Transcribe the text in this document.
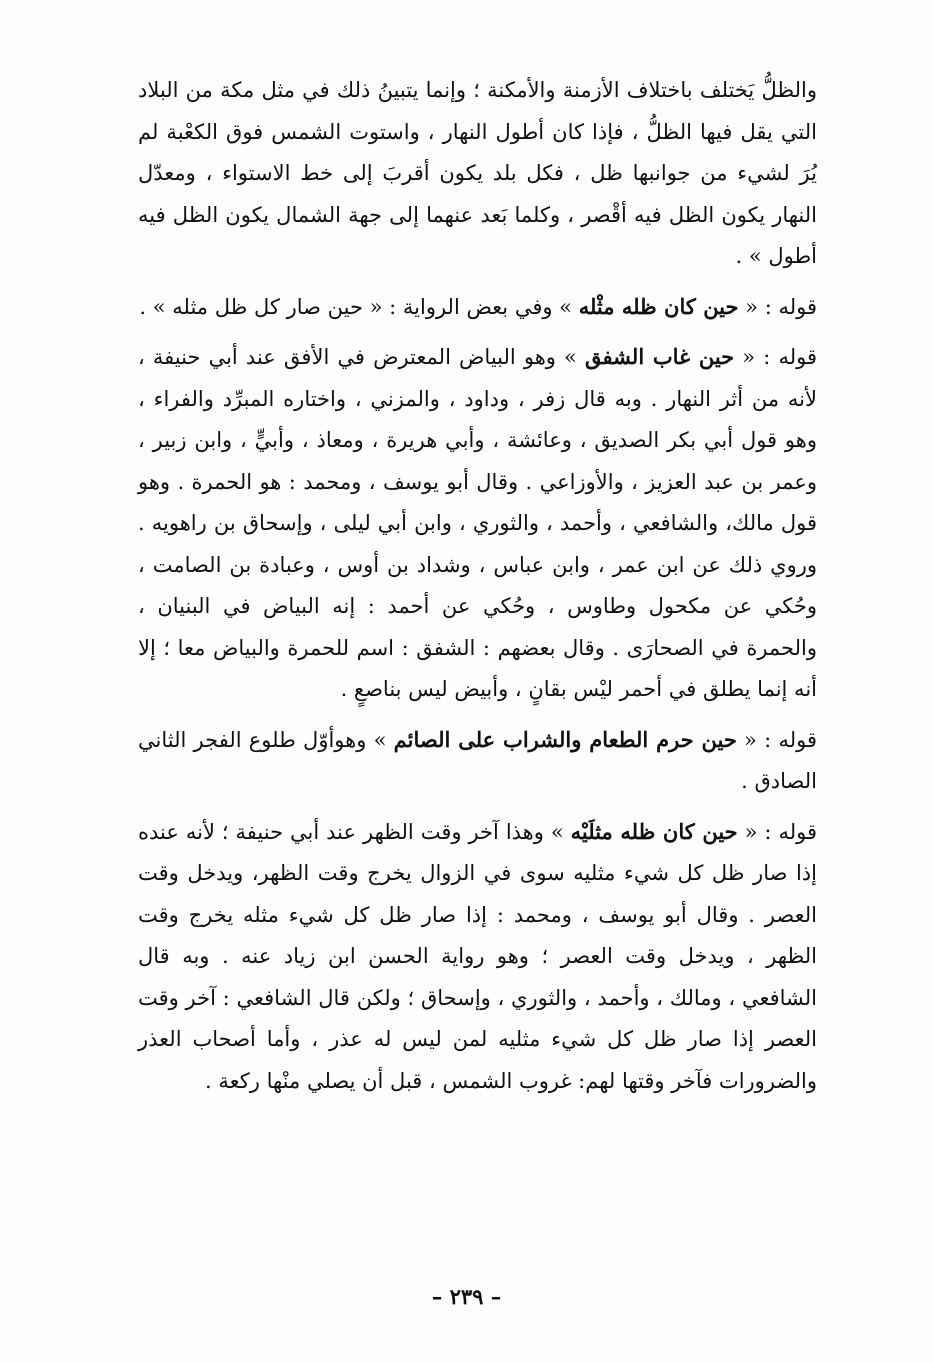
والظلُّ يَختلف باختلاف الأزمنة والأمكنة ؛ وإنما يتبينُ ذلك في مثل مكة من البلاد التي يقل فيها الظلُّ ، فإذا كان أطول النهار ، واستوت الشمس فوق الكعْبة لم يُرَ لشيء من جوانبها ظل ، فكل بلد يكون أقربَ إلى خط الاستواء ، ومعدّل النهار يكون الظل فيه أقْصر ، وكلما بَعد عنهما إلى جهة الشمال يكون الظل فيه أطول » .

قوله : « حين كان ظله مثْله » وفي بعض الرواية : « حين صار كل ظل مثله » .

قوله : « حين غاب الشفق » وهو البياض المعترض في الأفق عند أبي حنيفة ، لأنه من أثر النهار . وبه قال زفر ، وداود ، والمزني ، واختاره المبرِّد والفراء ، وهو قول أبي بكر الصديق ، وعائشة ، وأبي هريرة ، ومعاذ ، وأبيٍّ ، وابن زبير ، وعمر بن عبد العزيز ، والأوزاعي . وقال أبو يوسف ، ومحمد : هو الحمرة . وهو قول مالك، والشافعي ، وأحمد ، والثوري ، وابن أبي ليلى ، وإسحاق بن راهويه . وروي ذلك عن ابن عمر ، وابن عباس ، وشداد بن أوس ، وعبادة بن الصامت ، وحُكي عن مكحول وطاوس ، وحُكي عن أحمد : إنه البياض في البنيان ، والحمرة في الصحارَى . وقال بعضهم : الشفق : اسم للحمرة والبياض معا ؛ إلا أنه إنما يطلق في أحمر ليْس بقانٍ ، وأبيض ليس بناصعٍ .

قوله : « حين حرم الطعام والشراب على الصائم » وهوأوّل طلوع الفجر الثاني الصادق .

قوله : « حين كان ظله مثلَيْه » وهذا آخر وقت الظهر عند أبي حنيفة ؛ لأنه عنده إذا صار ظل كل شيء مثليه سوى في الزوال يخرج وقت الظهر، ويدخل وقت العصر . وقال أبو يوسف ، ومحمد : إذا صار ظل كل شيء مثله يخرج وقت الظهر ، ويدخل وقت العصر ؛ وهو رواية الحسن ابن زياد عنه . وبه قال الشافعي ، ومالك ، وأحمد ، والثوري ، وإسحاق ؛ ولكن قال الشافعي : آخر وقت العصر إذا صار ظل كل شيء مثليه لمن ليس له عذر ، وأما أصحاب العذر والضرورات فآخر وقتها لهم: غروب الشمس ، قبل أن يصلي منْها ركعة .

– ٢٣٩ –
